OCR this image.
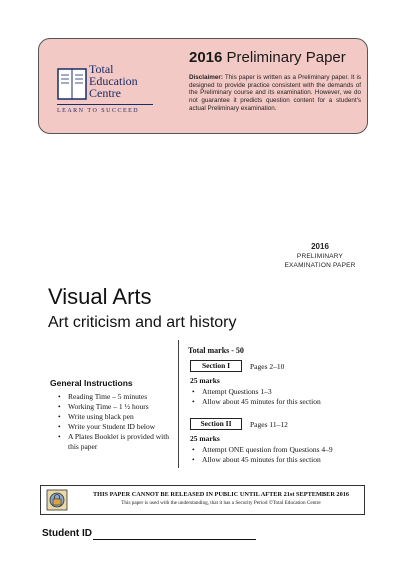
Total
Education
Centre
LEARN TO SUCCEED
2016 Preliminary Paper
Disclaimer: This paper is written as a Preliminary paper. It is designed to provide practice consistent with the demands of the Preliminary course and its examination. However, we do not guarantee it predicts question content for a student's actual Preliminary examination.
2016
PRELIMINARY
EXAMINATION PAPER
Visual Arts
Art criticism and art history
General Instructions
• Reading Time – 5 minutes
• Working Time – 1 ½ hours
• Write using black pen
• Write your Student ID below
• A Plates Booklet is provided with this paper
Total marks - 50
Section I	Pages 2–10
25 marks
• Attempt Questions 1–3
• Allow about 45 minutes for this section
Section II	Pages 11–12
25 marks
• Attempt ONE question from Questions 4–9
• Allow about 45 minutes for this section
THIS PAPER CANNOT BE RELEASED IN PUBLIC UNTIL AFTER 21st SEPTEMBER 2016
This paper is used with the understanding, that it has a Security Period ©Total Education Centre
Student ID
